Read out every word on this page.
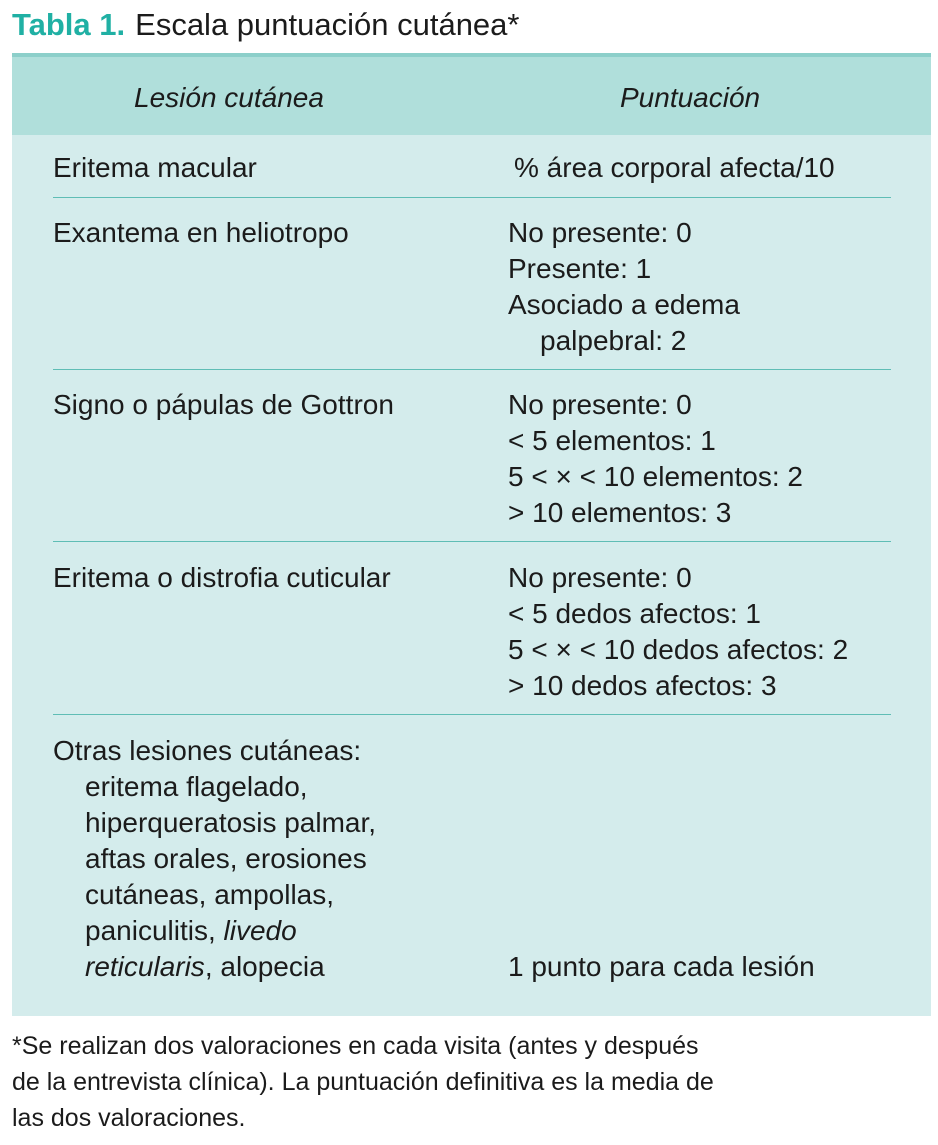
Tabla 1. Escala puntuación cutánea*
Lesión cutánea	Puntuación
Eritema macular	% área corporal afecta/10
Exantema en heliotropo	No presente: 0
Presente: 1
Asociado a edema
palpebral: 2
Signo o pápulas de Gottron	No presente: 0
< 5 elementos: 1
5 < × < 10 elementos: 2
> 10 elementos: 3
Eritema o distrofia cuticular	No presente: 0
< 5 dedos afectos: 1
5 < × < 10 dedos afectos: 2
> 10 dedos afectos: 3
Otras lesiones cutáneas:
eritema flagelado,
hiperqueratosis palmar,
aftas orales, erosiones
cutáneas, ampollas,
paniculitis, livedo
reticularis, alopecia	1 punto para cada lesión
*Se realizan dos valoraciones en cada visita (antes y después
de la entrevista clínica). La puntuación definitiva es la media de
las dos valoraciones.
